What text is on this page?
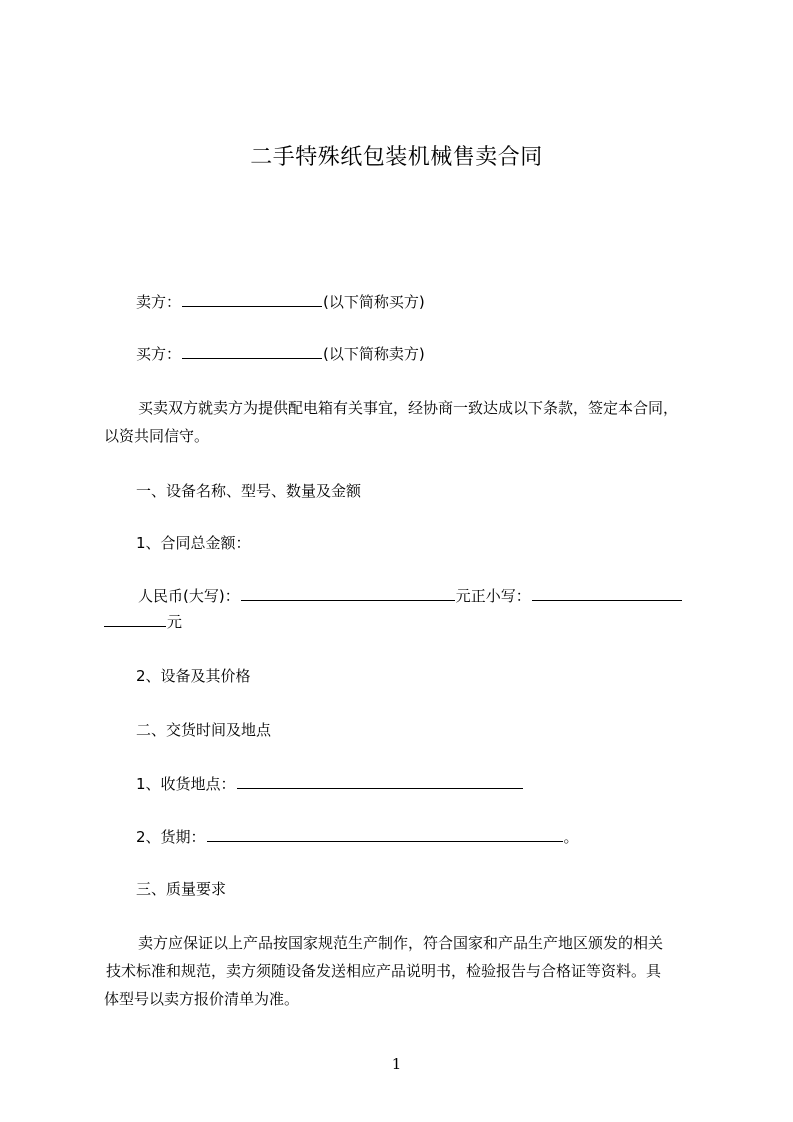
二手特殊纸包装机械售卖合同
卖方：	(以下简称买方)
买方：	(以下简称卖方)
买卖双方就卖方为提供配电箱有关事宜，经协商一致达成以下条款，签定本合同，
以资共同信守。
一、设备名称、型号、数量及金额
1、合同总金额：
人民币(大写)：	元正小写：
元
2、设备及其价格
二、交货时间及地点
1、收货地点：
2、货期：	。
三、质量要求
卖方应保证以上产品按国家规范生产制作，符合国家和产品生产地区颁发的相关
技术标准和规范，卖方须随设备发送相应产品说明书，检验报告与合格证等资料。具
体型号以卖方报价清单为准。
1
